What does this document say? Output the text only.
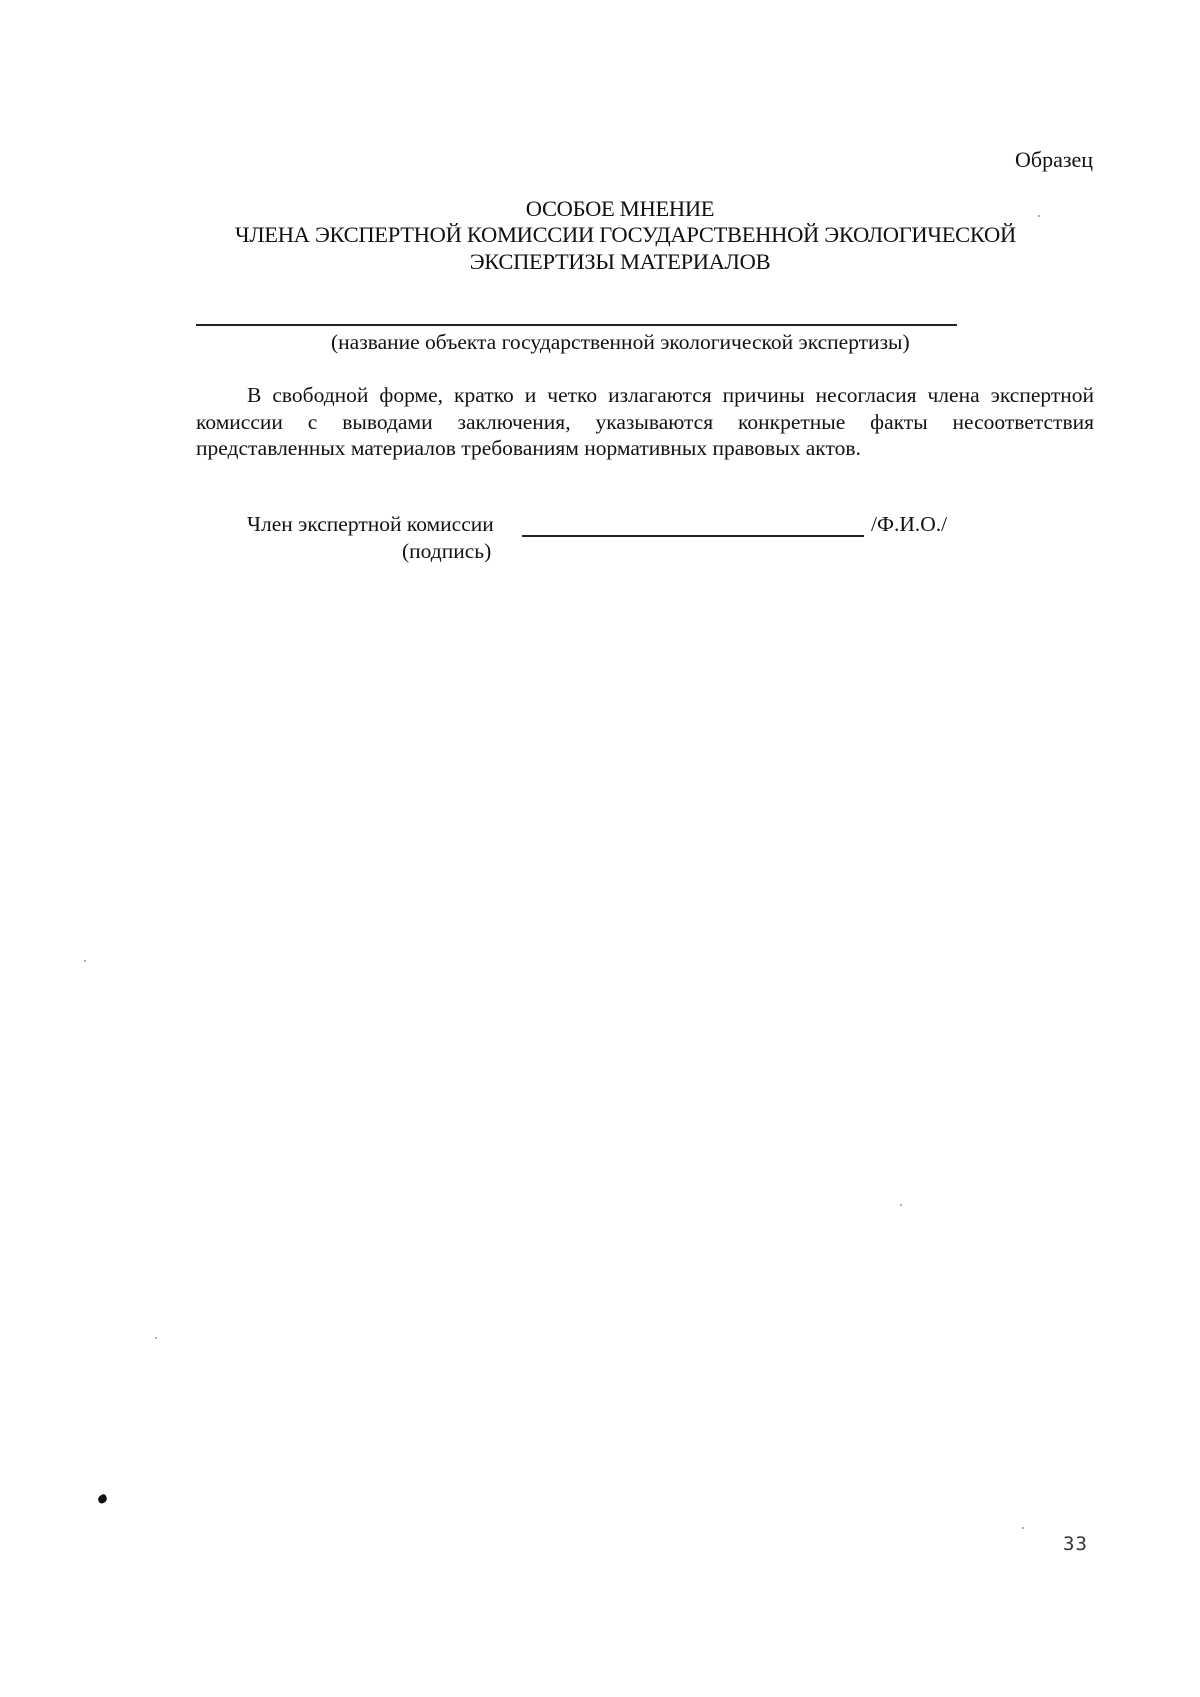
Образец
ОСОБОЕ МНЕНИЕ
ЧЛЕНА ЭКСПЕРТНОЙ КОМИССИИ ГОСУДАРСТВЕННОЙ ЭКОЛОГИЧЕСКОЙ
ЭКСПЕРТИЗЫ МАТЕРИАЛОВ
(название объекта государственной экологической экспертизы)
В свободной форме, кратко и четко излагаются причины несогласия члена экспертной
комиссии с выводами заключения, указываются конкретные факты несоответствия
представленных материалов требованиям нормативных правовых актов.
Член экспертной комиссии	/Ф.И.О./
(подпись)
33
